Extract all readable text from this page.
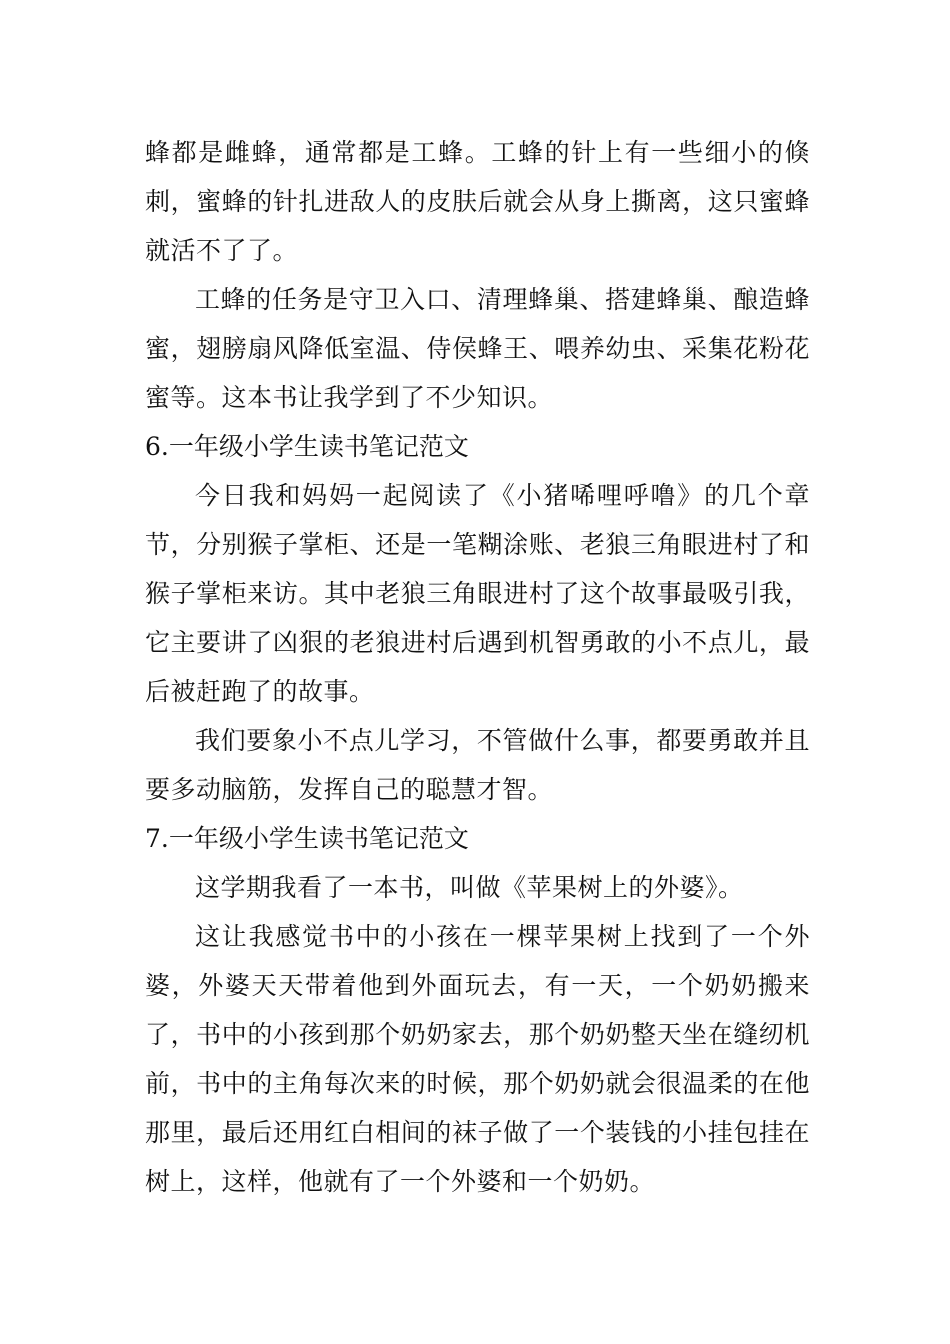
蜂都是雌蜂，通常都是工蜂。工蜂的针上有一些细小的倏刺，蜜蜂的针扎进敌人的皮肤后就会从身上撕离，这只蜜蜂就活不了了。

工蜂的任务是守卫入口、清理蜂巢、搭建蜂巢、酿造蜂蜜，翅膀扇风降低室温、侍侯蜂王、喂养幼虫、采集花粉花蜜等。这本书让我学到了不少知识。

6.一年级小学生读书笔记范文

今日我和妈妈一起阅读了《小猪唏哩呼噜》的几个章节，分别猴子掌柜、还是一笔糊涂账、老狼三角眼进村了和猴子掌柜来访。其中老狼三角眼进村了这个故事最吸引我，它主要讲了凶狠的老狼进村后遇到机智勇敢的小不点儿，最后被赶跑了的故事。

我们要象小不点儿学习，不管做什么事，都要勇敢并且要多动脑筋，发挥自己的聪慧才智。

7.一年级小学生读书笔记范文

这学期我看了一本书，叫做《苹果树上的外婆》。

这让我感觉书中的小孩在一棵苹果树上找到了一个外婆，外婆天天带着他到外面玩去，有一天，一个奶奶搬来了，书中的小孩到那个奶奶家去，那个奶奶整天坐在缝纫机前，书中的主角每次来的时候，那个奶奶就会很温柔的在他那里，最后还用红白相间的袜子做了一个装钱的小挂包挂在树上，这样，他就有了一个外婆和一个奶奶。
